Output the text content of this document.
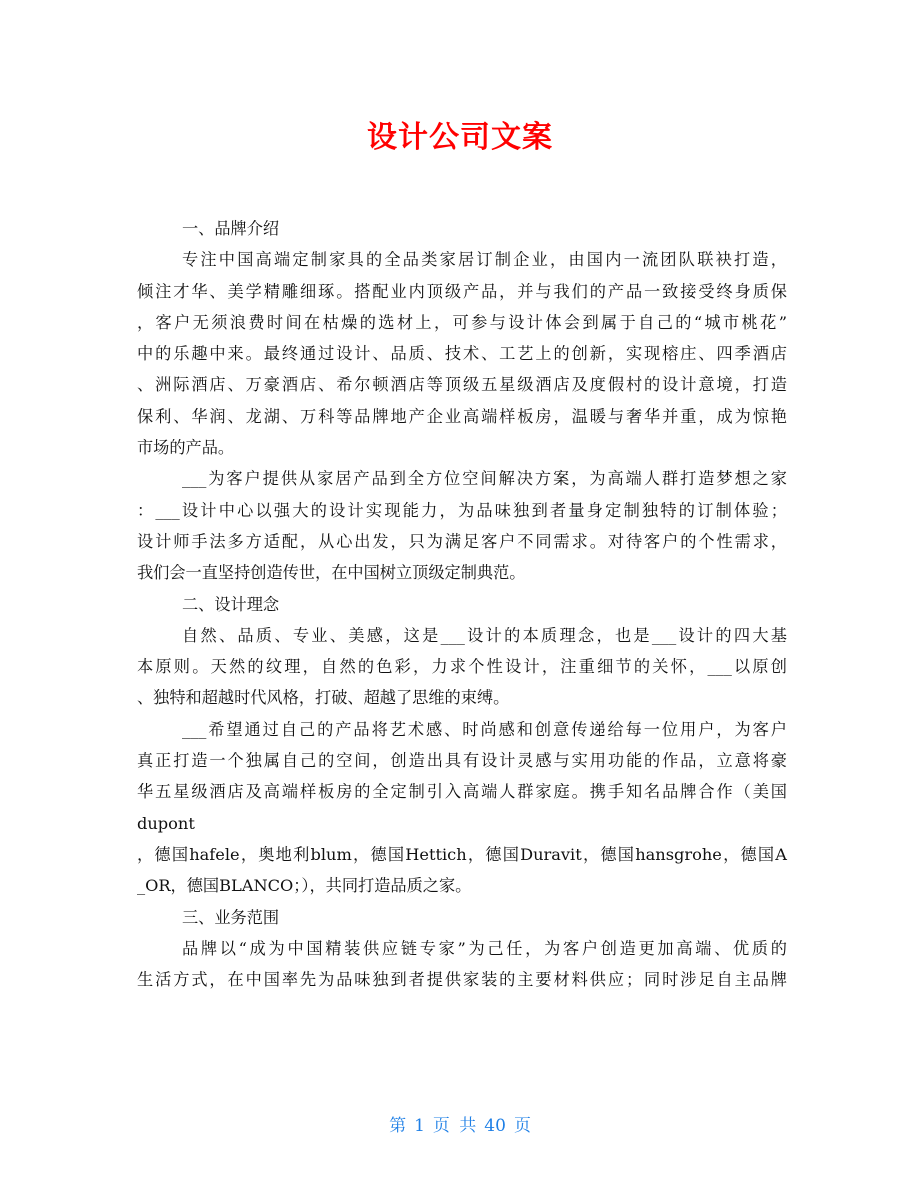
设计公司文案
一、品牌介绍
专注中国高端定制家具的全品类家居订制企业，由国内一流团队联袂打造，
倾注才华、美学精雕细琢。搭配业内顶级产品，并与我们的产品一致接受终身质保
，客户无须浪费时间在枯燥的选材上，可参与设计体会到属于自己的“城市桃花”
中的乐趣中来。最终通过设计、品质、技术、工艺上的创新，实现榕庄、四季酒店
、洲际酒店、万豪酒店、希尔顿酒店等顶级五星级酒店及度假村的设计意境，打造
保利、华润、龙湖、万科等品牌地产企业高端样板房，温暖与奢华并重，成为惊艳
市场的产品。
___为客户提供从家居产品到全方位空间解决方案，为高端人群打造梦想之家
：___设计中心以强大的设计实现能力，为品味独到者量身定制独特的订制体验；
设计师手法多方适配，从心出发，只为满足客户不同需求。对待客户的个性需求，
我们会一直坚持创造传世，在中国树立顶级定制典范。
二、设计理念
自然、品质、专业、美感，这是___设计的本质理念，也是___设计的四大基
本原则。天然的纹理，自然的色彩，力求个性设计，注重细节的关怀，___以原创
、独特和超越时代风格，打破、超越了思维的束缚。
___希望通过自己的产品将艺术感、时尚感和创意传递给每一位用户，为客户
真正打造一个独属自己的空间，创造出具有设计灵感与实用功能的作品，立意将豪
华五星级酒店及高端样板房的全定制引入高端人群家庭。携手知名品牌合作（美国
dupont
，德国hafele，奥地利blum，德国Hettich，德国Duravit，德国hansgrohe，德国A
_OR，德国BLANCO；），共同打造品质之家。
三、业务范围
品牌以“成为中国精装供应链专家”为己任，为客户创造更加高端、优质的
生活方式，在中国率先为品味独到者提供家装的主要材料供应；同时涉足自主品牌
第 1 页 共 40 页
